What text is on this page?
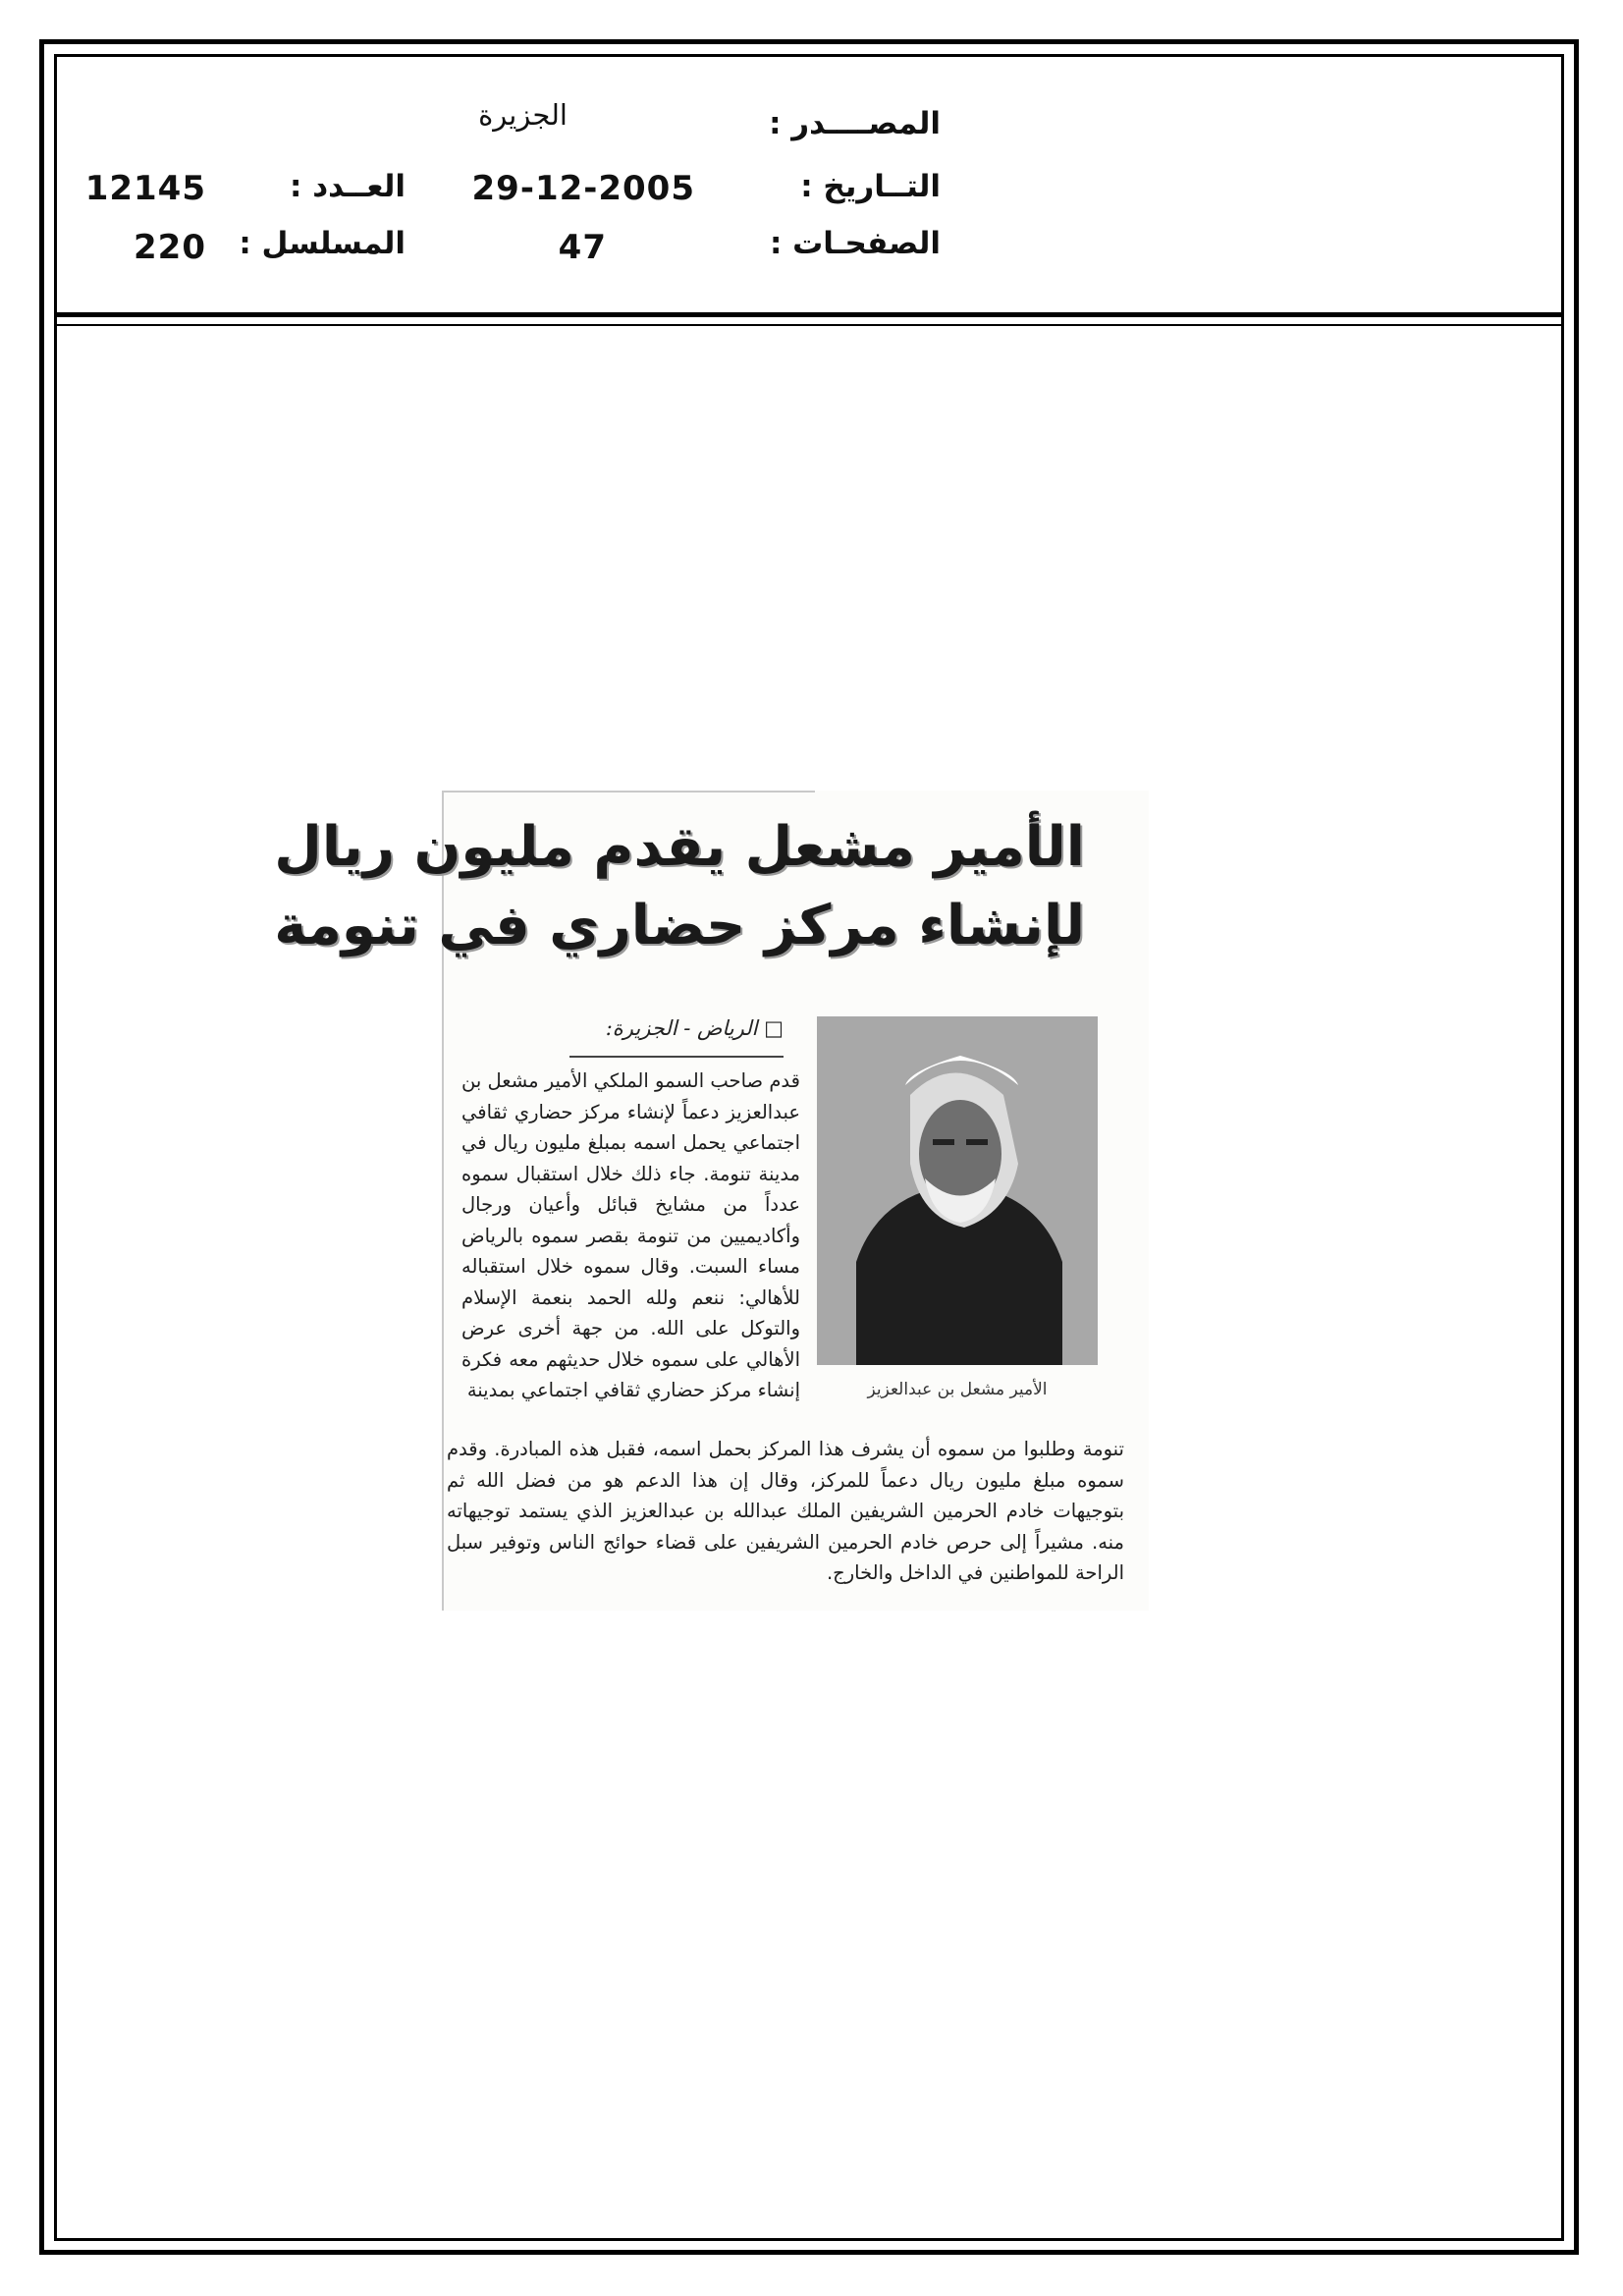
المصــــدر :
الجزيرة
التــاريخ :
29-12-2005
الصفحـات :
47
العــدد :
12145
المسلسل :
220
الأمير مشعل يقدم مليون ريال
لإنشاء مركز حضاري في تنومة
الأمير مشعل بن عبدالعزيز
□ الرياض - الجزيرة:
قدم صاحب السمو الملكي الأمير مشعل بن عبدالعزيز دعماً لإنشاء مركز حضاري ثقافي اجتماعي يحمل اسمه بمبلغ مليون ريال في مدينة تنومة. جاء ذلك خلال استقبال سموه عدداً من مشايخ قبائل وأعيان ورجال وأكاديميين من تنومة بقصر سموه بالرياض مساء السبت. وقال سموه خلال استقباله للأهالي: ننعم ولله الحمد بنعمة الإسلام والتوكل على الله. من جهة أخرى عرض الأهالي على سموه خلال حديثهم معه فكرة إنشاء مركز حضاري ثقافي اجتماعي بمدينة
تنومة وطلبوا من سموه أن يشرف هذا المركز بحمل اسمه، فقبل هذه المبادرة. وقدم سموه مبلغ مليون ريال دعماً للمركز، وقال إن هذا الدعم هو من فضل الله ثم بتوجيهات خادم الحرمين الشريفين الملك عبدالله بن عبدالعزيز الذي يستمد توجيهاته منه. مشيراً إلى حرص خادم الحرمين الشريفين على قضاء حوائج الناس وتوفير سبل الراحة للمواطنين في الداخل والخارج.
